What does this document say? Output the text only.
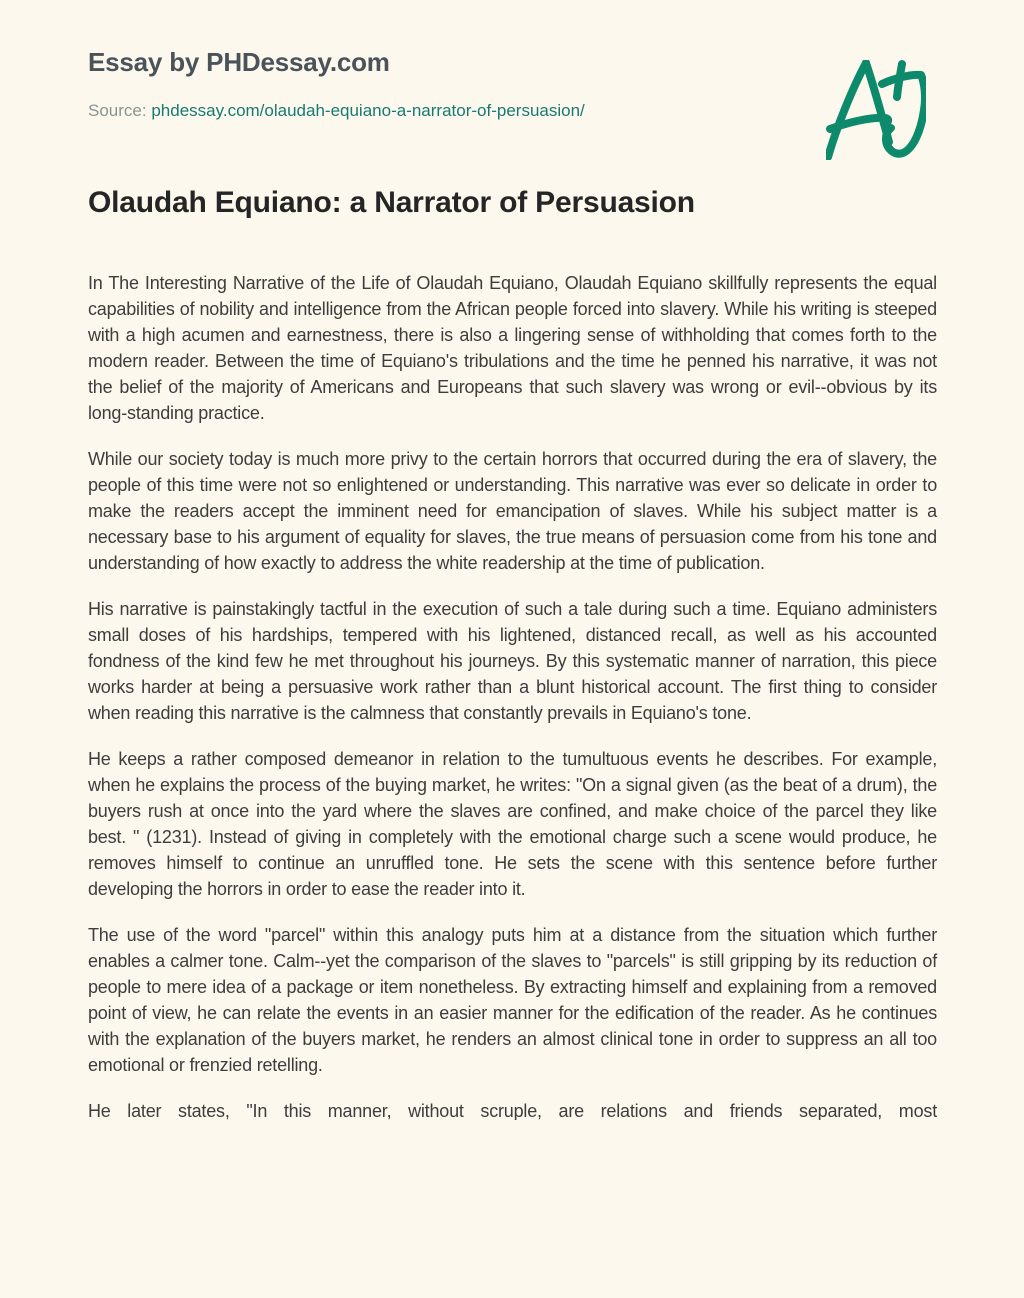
Essay by PHDessay.com

Source: phdessay.com/olaudah-equiano-a-narrator-of-persuasion/

Olaudah Equiano: a Narrator of Persuasion

In The Interesting Narrative of the Life of Olaudah Equiano, Olaudah Equiano skillfully represents the equal capabilities of nobility and intelligence from the African people forced into slavery. While his writing is steeped with a high acumen and earnestness, there is also a lingering sense of withholding that comes forth to the modern reader. Between the time of Equiano's tribulations and the time he penned his narrative, it was not the belief of the majority of Americans and Europeans that such slavery was wrong or evil--obvious by its long-standing practice.

While our society today is much more privy to the certain horrors that occurred during the era of slavery, the people of this time were not so enlightened or understanding. This narrative was ever so delicate in order to make the readers accept the imminent need for emancipation of slaves. While his subject matter is a necessary base to his argument of equality for slaves, the true means of persuasion come from his tone and understanding of how exactly to address the white readership at the time of publication.

His narrative is painstakingly tactful in the execution of such a tale during such a time. Equiano administers small doses of his hardships, tempered with his lightened, distanced recall, as well as his accounted fondness of the kind few he met throughout his journeys. By this systematic manner of narration, this piece works harder at being a persuasive work rather than a blunt historical account. The first thing to consider when reading this narrative is the calmness that constantly prevails in Equiano's tone.

He keeps a rather composed demeanor in relation to the tumultuous events he describes. For example, when he explains the process of the buying market, he writes: "On a signal given (as the beat of a drum), the buyers rush at once into the yard where the slaves are confined, and make choice of the parcel they like best. " (1231). Instead of giving in completely with the emotional charge such a scene would produce, he removes himself to continue an unruffled tone. He sets the scene with this sentence before further developing the horrors in order to ease the reader into it.

The use of the word "parcel" within this analogy puts him at a distance from the situation which further enables a calmer tone. Calm--yet the comparison of the slaves to "parcels" is still gripping by its reduction of people to mere idea of a package or item nonetheless. By extracting himself and explaining from a removed point of view, he can relate the events in an easier manner for the edification of the reader. As he continues with the explanation of the buyers market, he renders an almost clinical tone in order to suppress an all too emotional or frenzied retelling.

He later states, "In this manner, without scruple, are relations and friends separated, most
